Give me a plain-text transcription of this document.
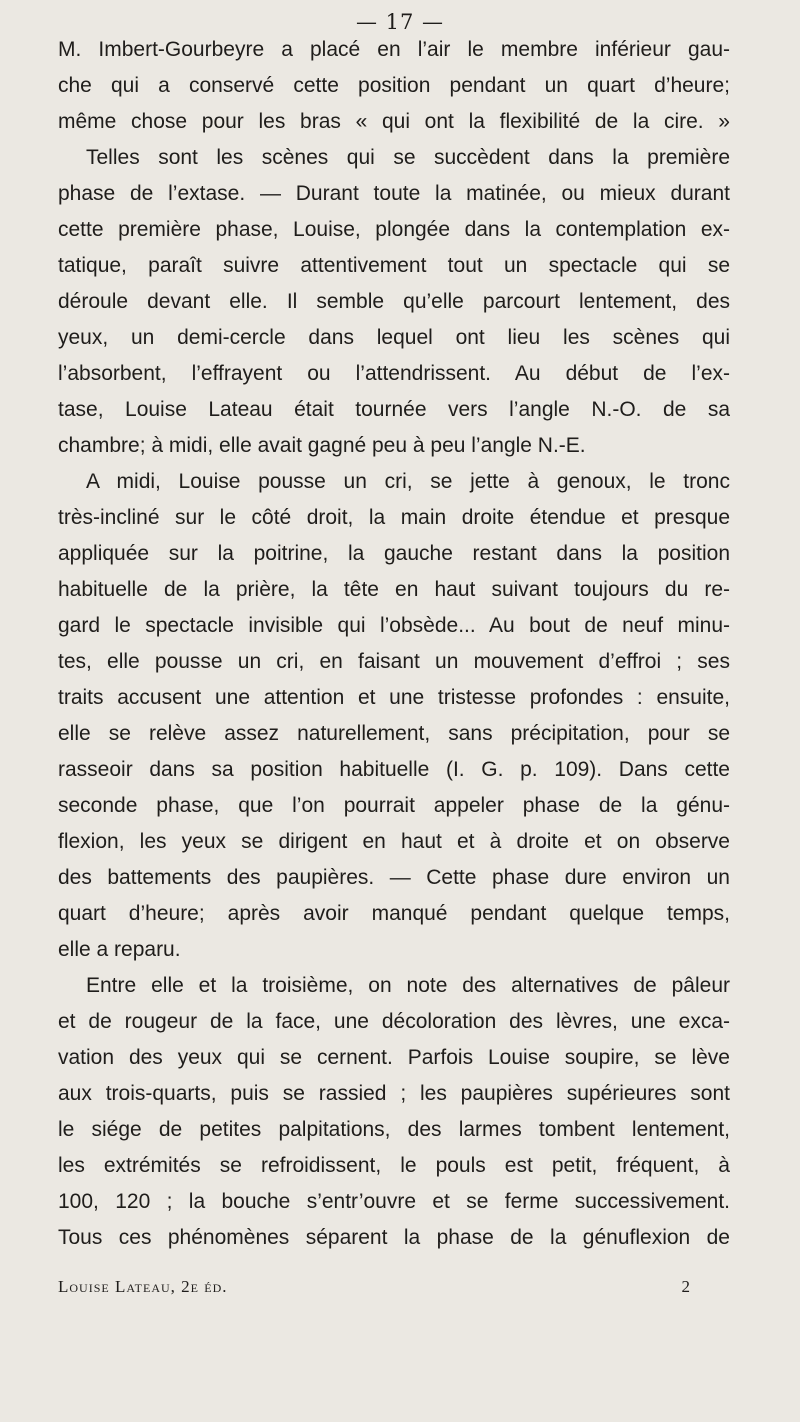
— 17 —
M. Imbert-Gourbeyre a placé en l’air le membre inférieur gau-
che qui a conservé cette position pendant un quart d’heure;
même chose pour les bras « qui ont la flexibilité de la cire. »
Telles sont les scènes qui se succèdent dans la première
phase de l’extase. — Durant toute la matinée, ou mieux durant
cette première phase, Louise, plongée dans la contemplation ex-
tatique, paraît suivre attentivement tout un spectacle qui se
déroule devant elle. Il semble qu’elle parcourt lentement, des
yeux, un demi-cercle dans lequel ont lieu les scènes qui
l’absorbent, l’effrayent ou l’attendrissent. Au début de l’ex-
tase, Louise Lateau était tournée vers l’angle N.-O. de sa
chambre; à midi, elle avait gagné peu à peu l’angle N.-E.
A midi, Louise pousse un cri, se jette à genoux, le tronc
très-incliné sur le côté droit, la main droite étendue et presque
appliquée sur la poitrine, la gauche restant dans la position
habituelle de la prière, la tête en haut suivant toujours du re-
gard le spectacle invisible qui l’obsède... Au bout de neuf minu-
tes, elle pousse un cri, en faisant un mouvement d’effroi ; ses
traits accusent une attention et une tristesse profondes : ensuite,
elle se relève assez naturellement, sans précipitation, pour se
rasseoir dans sa position habituelle (I. G. p. 109). Dans cette
seconde phase, que l’on pourrait appeler phase de la génu-
flexion, les yeux se dirigent en haut et à droite et on observe
des battements des paupières. — Cette phase dure environ un
quart d’heure; après avoir manqué pendant quelque temps,
elle a reparu.
Entre elle et la troisième, on note des alternatives de pâleur
et de rougeur de la face, une décoloration des lèvres, une exca-
vation des yeux qui se cernent. Parfois Louise soupire, se lève
aux trois-quarts, puis se rassied ; les paupières supérieures sont
le siége de petites palpitations, des larmes tombent lentement,
les extrémités se refroidissent, le pouls est petit, fréquent, à
100, 120 ; la bouche s’entr’ouvre et se ferme successivement.
Tous ces phénomènes séparent la phase de la génuflexion de
Louise Lateau, 2e éd.	2
